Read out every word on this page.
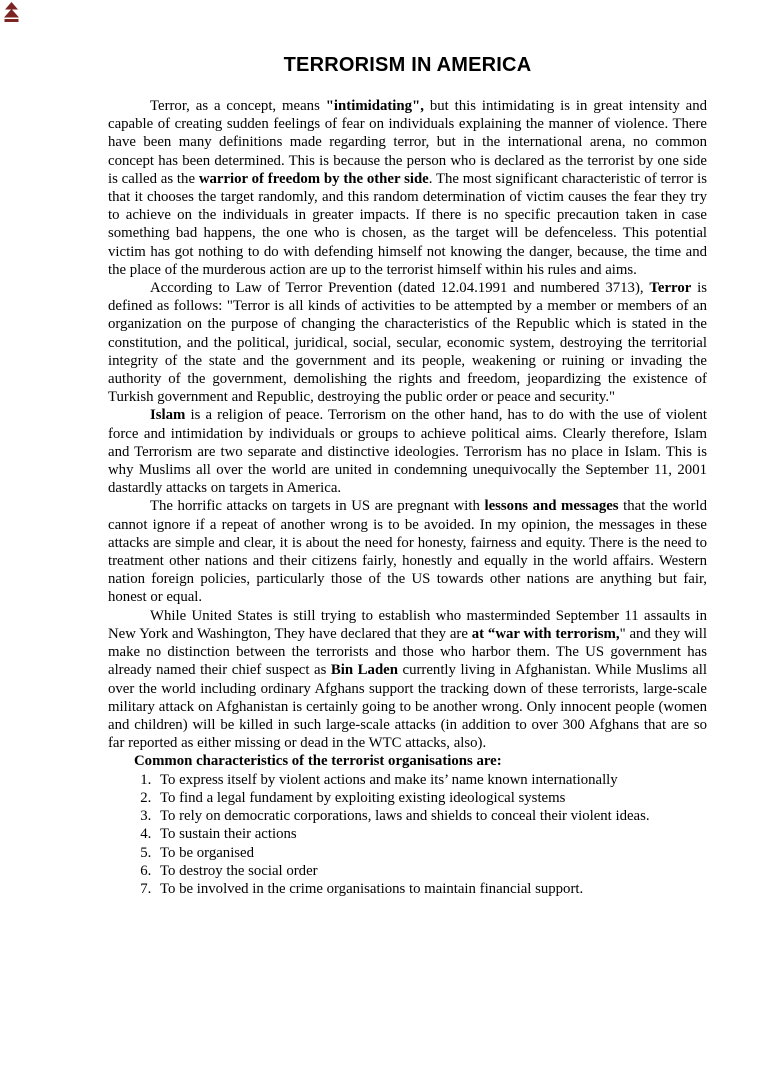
TERRORISM IN AMERICA

Terror, as a concept, means "intimidating", but this intimidating is in great intensity and capable of creating sudden feelings of fear on individuals explaining the manner of violence. There have been many definitions made regarding terror, but in the international arena, no common concept has been determined. This is because the person who is declared as the terrorist by one side is called as the warrior of freedom by the other side. The most significant characteristic of terror is that it chooses the target randomly, and this random determination of victim causes the fear they try to achieve on the individuals in greater impacts. If there is no specific precaution taken in case something bad happens, the one who is chosen, as the target will be defenceless. This potential victim has got nothing to do with defending himself not knowing the danger, because, the time and the place of the murderous action are up to the terrorist himself within his rules and aims.

According to Law of Terror Prevention (dated 12.04.1991 and numbered 3713), Terror is defined as follows: "Terror is all kinds of activities to be attempted by a member or members of an organization on the purpose of changing the characteristics of the Republic which is stated in the constitution, and the political, juridical, social, secular, economic system, destroying the territorial integrity of the state and the government and its people, weakening or ruining or invading the authority of the government, demolishing the rights and freedom, jeopardizing the existence of Turkish government and Republic, destroying the public order or peace and security."

Islam is a religion of peace. Terrorism on the other hand, has to do with the use of violent force and intimidation by individuals or groups to achieve political aims. Clearly therefore, Islam and Terrorism are two separate and distinctive ideologies. Terrorism has no place in Islam. This is why Muslims all over the world are united in condemning unequivocally the September 11, 2001 dastardly attacks on targets in America.

The horrific attacks on targets in US are pregnant with lessons and messages that the world cannot ignore if a repeat of another wrong is to be avoided. In my opinion, the messages in these attacks are simple and clear, it is about the need for honesty, fairness and equity. There is the need to treatment other nations and their citizens fairly, honestly and equally in the world affairs. Western nation foreign policies, particularly those of the US towards other nations are anything but fair, honest or equal.

While United States is still trying to establish who masterminded September 11 assaults in New York and Washington, They have declared that they are at “war with terrorism," and they will make no distinction between the terrorists and those who harbor them. The US government has already named their chief suspect as Bin Laden currently living in Afghanistan. While Muslims all over the world including ordinary Afghans support the tracking down of these terrorists, large-scale military attack on Afghanistan is certainly going to be another wrong. Only innocent people (women and children) will be killed in such large-scale attacks (in addition to over 300 Afghans that are so far reported as either missing or dead in the WTC attacks, also).

Common characteristics of the terrorist organisations are:

1. To express itself by violent actions and make its’ name known internationally
2. To find a legal fundament by exploiting existing ideological systems
3. To rely on democratic corporations, laws and shields to conceal their violent ideas.
4. To sustain their actions
5. To be organised
6. To destroy the social order
7. To be involved in the crime organisations to maintain financial support.
